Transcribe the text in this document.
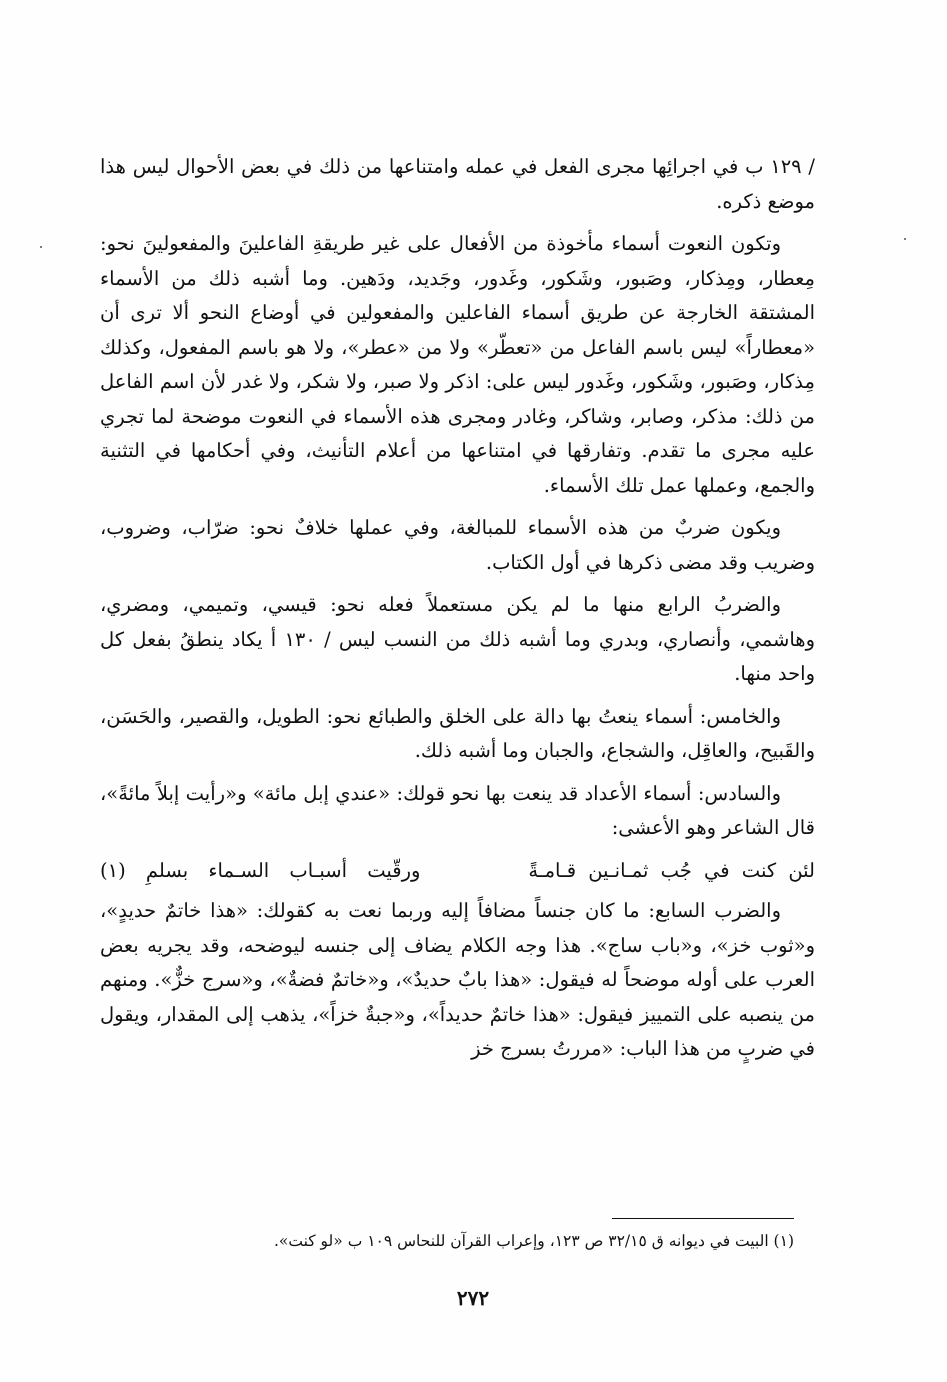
/ ١٢٩ ب في اجرائِها مجرى الفعل في عمله وامتناعها من ذلك في بعض الأحوال ليس هذا موضع ذكره.

وتكون النعوت أسماء مأخوذة من الأفعال على غير طريقةِ الفاعلينَ والمفعولينَ نحو: مِعطار، ومِذكار، وصَبور، وشَكور، وغَدور، وجَديد، ودَهين. وما أشبه ذلك من الأسماء المشتقة الخارجة عن طريق أسماء الفاعلين والمفعولين في أوضاع النحو ألا ترى أن «معطاراً» ليس باسم الفاعل من «تعطّر» ولا من «عطر»، ولا هو باسم المفعول، وكذلك مِذكار، وصَبور، وشَكور، وغَدور ليس على: اذكر ولا صبر، ولا شكر، ولا غدر لأن اسم الفاعل من ذلك: مذكر، وصابر، وشاكر، وغادر ومجرى هذه الأسماء في النعوت موضحة لما تجري عليه مجرى ما تقدم. وتفارقها في امتناعها من أعلام التأنيث، وفي أحكامها في التثنية والجمع، وعملها عمل تلك الأسماء.

ويكون ضربٌ من هذه الأسماء للمبالغة، وفي عملها خلافٌ نحو: ضرّاب، وضروب، وضريب وقد مضى ذكرها في أول الكتاب.

والضربُ الرابع منها ما لم يكن مستعملاً فعله نحو: قيسي، وتميمي، ومضري، وهاشمي، وأنصاري، وبدري وما أشبه ذلك من النسب ليس / ١٣٠ أ يكاد ينطقُ بفعل كل واحد منها.

والخامس: أسماء ينعتُ بها دالة على الخلق والطبائع نحو: الطويل، والقصير، والحَسَن، والقَبيح، والعاقِل، والشجاع، والجبان وما أشبه ذلك.

والسادس: أسماء الأعداد قد ينعت بها نحو قولك: «عندي إبل مائة» و«رأيت إبلاً مائةً»، قال الشاعر وهو الأعشى:

لئن كنت في جُب ثمـانـين قـامـةً
ورقّيت أسبـاب السـماء بسلمِ (١)

والضرب السابع: ما كان جنساً مضافاً إليه وربما نعت به كقولك: «هذا خاتمٌ حديدٍ»، و«ثوب خز»، و«باب ساج». هذا وجه الكلام يضاف إلى جنسه ليوضحه، وقد يجريه بعض العرب على أوله موضحاً له فيقول: «هذا بابٌ حديدٌ»، و«خاتمٌ فضةٌ»، و«سرج خزٌّ». ومنهم من ينصبه على التمييز فيقول: «هذا خاتمٌ حديداً»، و«جبةٌ خزاً»، يذهب إلى المقدار، ويقول في ضربٍ من هذا الباب: «مررتُ بسرج خز

(١) البيت في ديوانه ق ٣٢/١٥ ص ١٢٣، وإعراب القرآن للنحاس ١٠٩ ب «لو كنت».
٢٧٢
